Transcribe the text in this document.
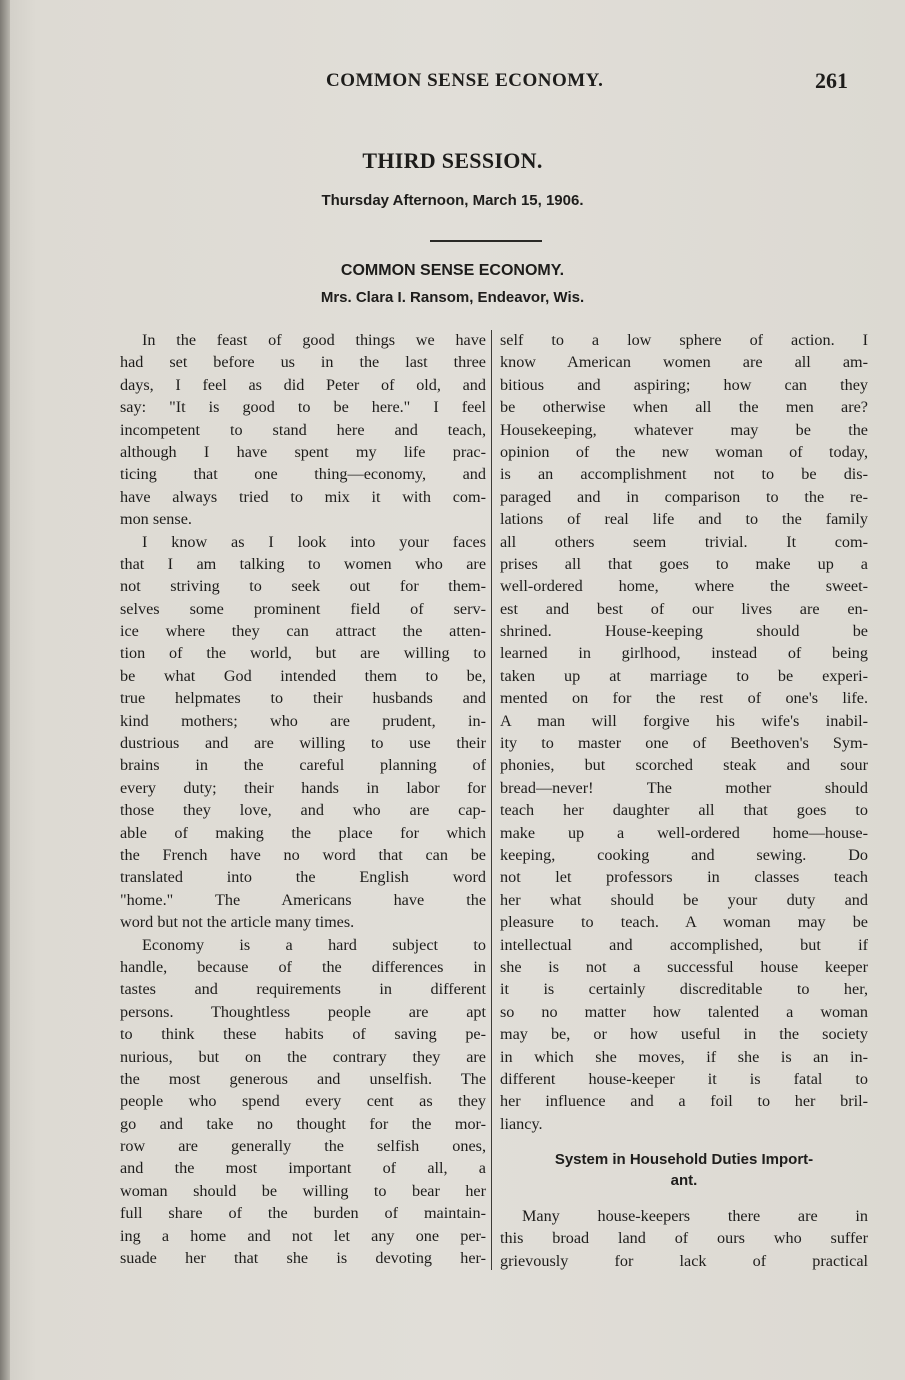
COMMON SENSE ECONOMY.	261
THIRD SESSION.
Thursday Afternoon, March 15, 1906.
COMMON SENSE ECONOMY.
Mrs. Clara I. Ransom, Endeavor, Wis.
In the feast of good things we have
had set before us in the last three
days, I feel as did Peter of old, and
say: "It is good to be here." I feel
incompetent to stand here and teach,
although I have spent my life prac-
ticing that one thing—economy, and
have always tried to mix it with com-
mon sense.
I know as I look into your faces
that I am talking to women who are
not striving to seek out for them-
selves some prominent field of serv-
ice where they can attract the atten-
tion of the world, but are willing to
be what God intended them to be,
true helpmates to their husbands and
kind mothers; who are prudent, in-
dustrious and are willing to use their
brains in the careful planning of
every duty; their hands in labor for
those they love, and who are cap-
able of making the place for which
the French have no word that can be
translated into the English word
"home." The Americans have the
word but not the article many times.
Economy is a hard subject to
handle, because of the differences in
tastes and requirements in different
persons. Thoughtless people are apt
to think these habits of saving pe-
nurious, but on the contrary they are
the most generous and unselfish. The
people who spend every cent as they
go and take no thought for the mor-
row are generally the selfish ones,
and the most important of all, a
woman should be willing to bear her
full share of the burden of maintain-
ing a home and not let any one per-
suade her that she is devoting her-
self to a low sphere of action. I
know American women are all am-
bitious and aspiring; how can they
be otherwise when all the men are?
Housekeeping, whatever may be the
opinion of the new woman of today,
is an accomplishment not to be dis-
paraged and in comparison to the re-
lations of real life and to the family
all others seem trivial. It com-
prises all that goes to make up a
well-ordered home, where the sweet-
est and best of our lives are en-
shrined. House-keeping should be
learned in girlhood, instead of being
taken up at marriage to be experi-
mented on for the rest of one's life.
A man will forgive his wife's inabil-
ity to master one of Beethoven's Sym-
phonies, but scorched steak and sour
bread—never! The mother should
teach her daughter all that goes to
make up a well-ordered home—house-
keeping, cooking and sewing. Do
not let professors in classes teach
her what should be your duty and
pleasure to teach. A woman may be
intellectual and accomplished, but if
she is not a successful house keeper
it is certainly discreditable to her,
so no matter how talented a woman
may be, or how useful in the society
in which she moves, if she is an in-
different house-keeper it is fatal to
her influence and a foil to her bril-
liancy.
System in Household Duties Import-
ant.
Many house-keepers there are in
this broad land of ours who suffer
grievously for lack of practical
